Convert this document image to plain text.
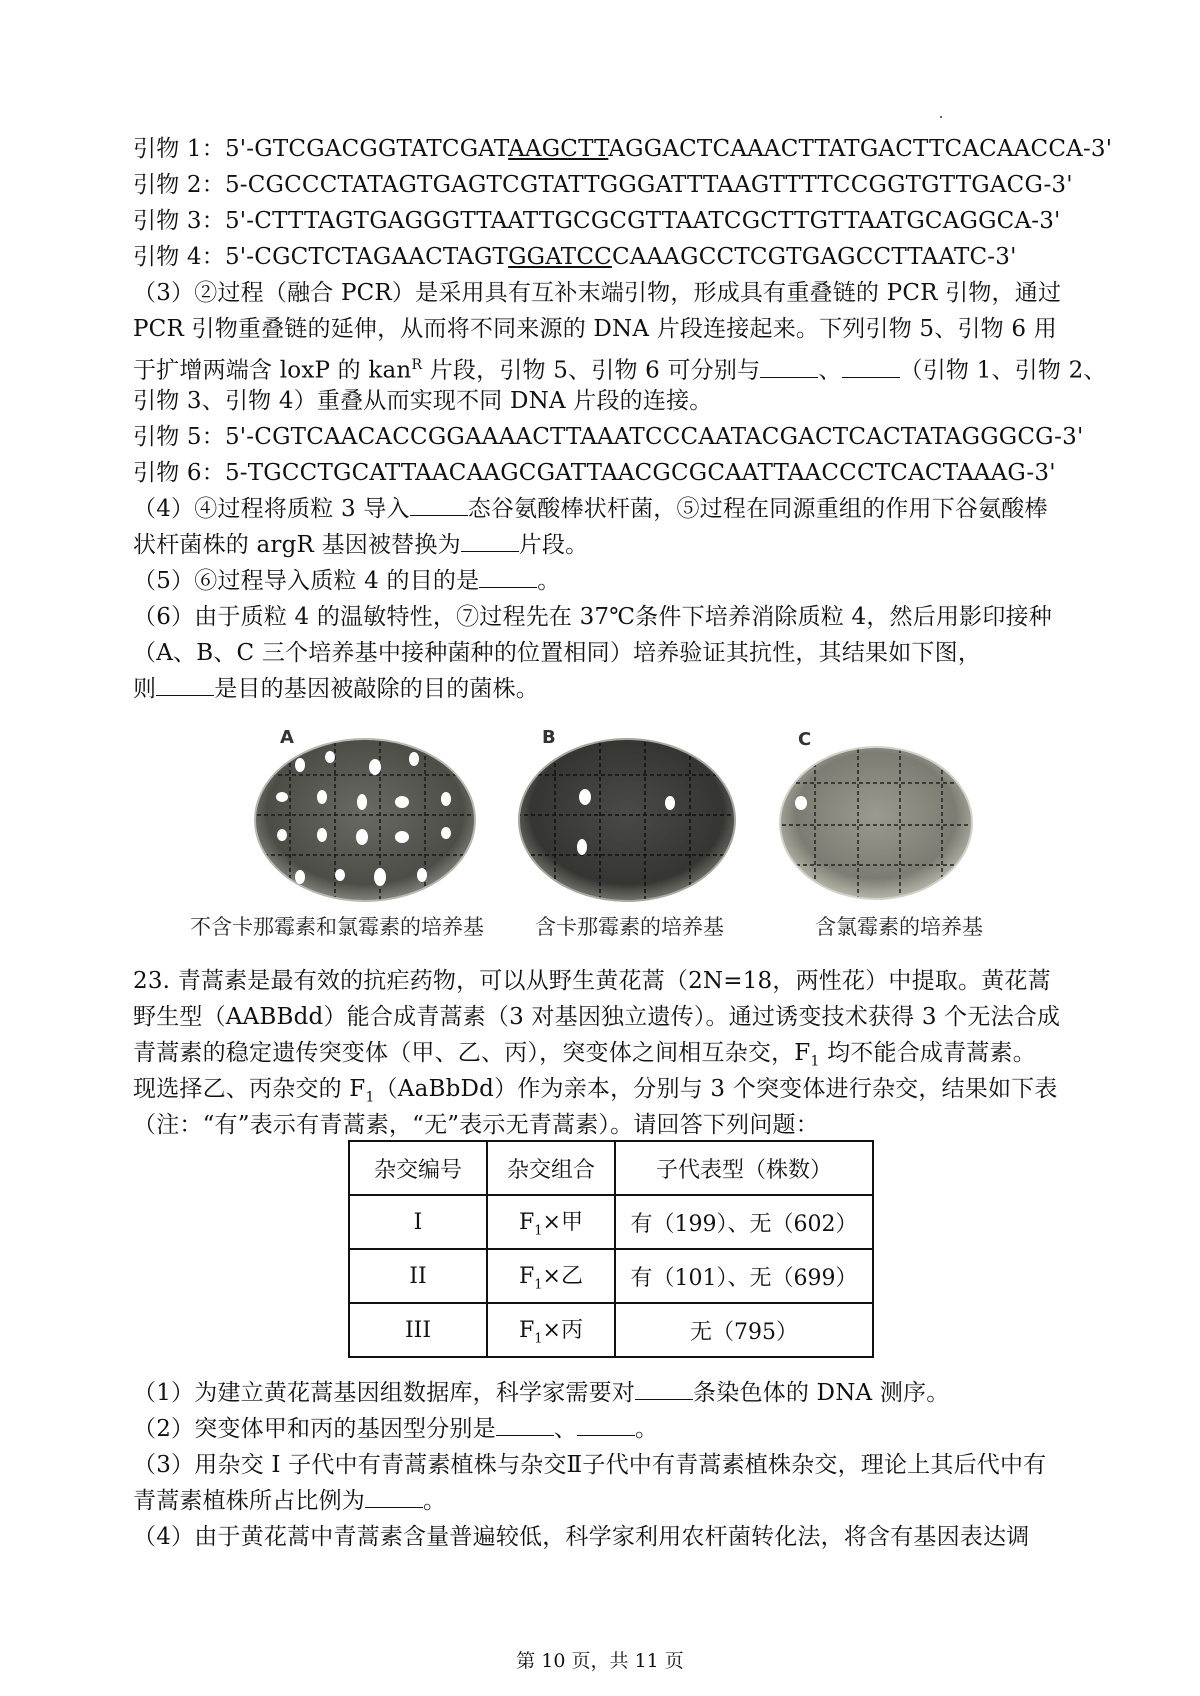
引物 1：5'-GTCGACGGTATCGATAAGCTTAGGACTCAAACTTATGACTTCACAACCA-3'
引物 2：5-CGCCCTATAGTGAGTCGTATTGGGATTTAAGTTTTCCGGTGTTGACG-3'
引物 3：5'-CTTTAGTGAGGGTTAATTGCGCGTTAATCGCTTGTTAATGCAGGCA-3'
引物 4：5'-CGCTCTAGAACTAGTGGATCCCAAAGCCTCGTGAGCCTTAATC-3'
（3）②过程（融合 PCR）是采用具有互补末端引物，形成具有重叠链的 PCR 引物，通过
PCR 引物重叠链的延伸，从而将不同来源的 DNA 片段连接起来。下列引物 5、引物 6 用
于扩增两端含 loxP 的 kan$^R$ 片段，引物 5、引物 6 可分别与	、	（引物 1、引物 2、
引物 3、引物 4）重叠从而实现不同 DNA 片段的连接。
引物 5：5'-CGTCAACACCGGAAAACTTAAATCCCAATACGACTCACTATAGGGCG-3'
引物 6：5-TGCCTGCATTAACAAGCGATTAACGCGCAATTAACCCTCACTAAAG-3'
（4）④过程将质粒 3 导入	态谷氨酸棒状杆菌，⑤过程在同源重组的作用下谷氨酸棒
状杆菌株的 argR 基因被替换为	片段。
（5）⑥过程导入质粒 4 的目的是	。
（6）由于质粒 4 的温敏特性，⑦过程先在 37℃条件下培养消除质粒 4，然后用影印接种
（A、B、C 三个培养基中接种菌种的位置相同）培养验证其抗性，其结果如下图，
则	是目的基因被敲除的目的菌株。
A	B	C
不含卡那霉素和氯霉素的培养基 含卡那霉素的培养基	含氯霉素的培养基
23. 青蒿素是最有效的抗疟药物，可以从野生黄花蒿（2N=18，两性花）中提取。黄花蒿
野生型（AABBdd）能合成青蒿素（3 对基因独立遗传）。通过诱变技术获得 3 个无法合成
青蒿素的稳定遗传突变体（甲、乙、丙），突变体之间相互杂交，$F_1$ 均不能合成青蒿素。
现选择乙、丙杂交的 $F_1(AaBbDd)$作为亲本，分别与 3 个突变体进行杂交，结果如下表
（注：“有”表示有青蒿素，“无”表示无青蒿素）。请回答下列问题：
杂交编号	杂交组合	子代表型（株数）
I	$F_1\times$甲	有（199）、无（602）
II	$F_1\times$乙	有（101）、无（699）
III	$F_1\times$丙	无（795）
（1）为建立黄花蒿基因组数据库，科学家需要对	条染色体的 DNA 测序。
（2）突变体甲和丙的基因型分别是	、	。
（3）用杂交 I 子代中有青蒿素植株与杂交Ⅱ子代中有青蒿素植株杂交，理论上其后代中有
青蒿素植株所占比例为	。
（4）由于黄花蒿中青蒿素含量普遍较低，科学家利用农杆菌转化法，将含有基因表达调
第 10 页，共 11 页
